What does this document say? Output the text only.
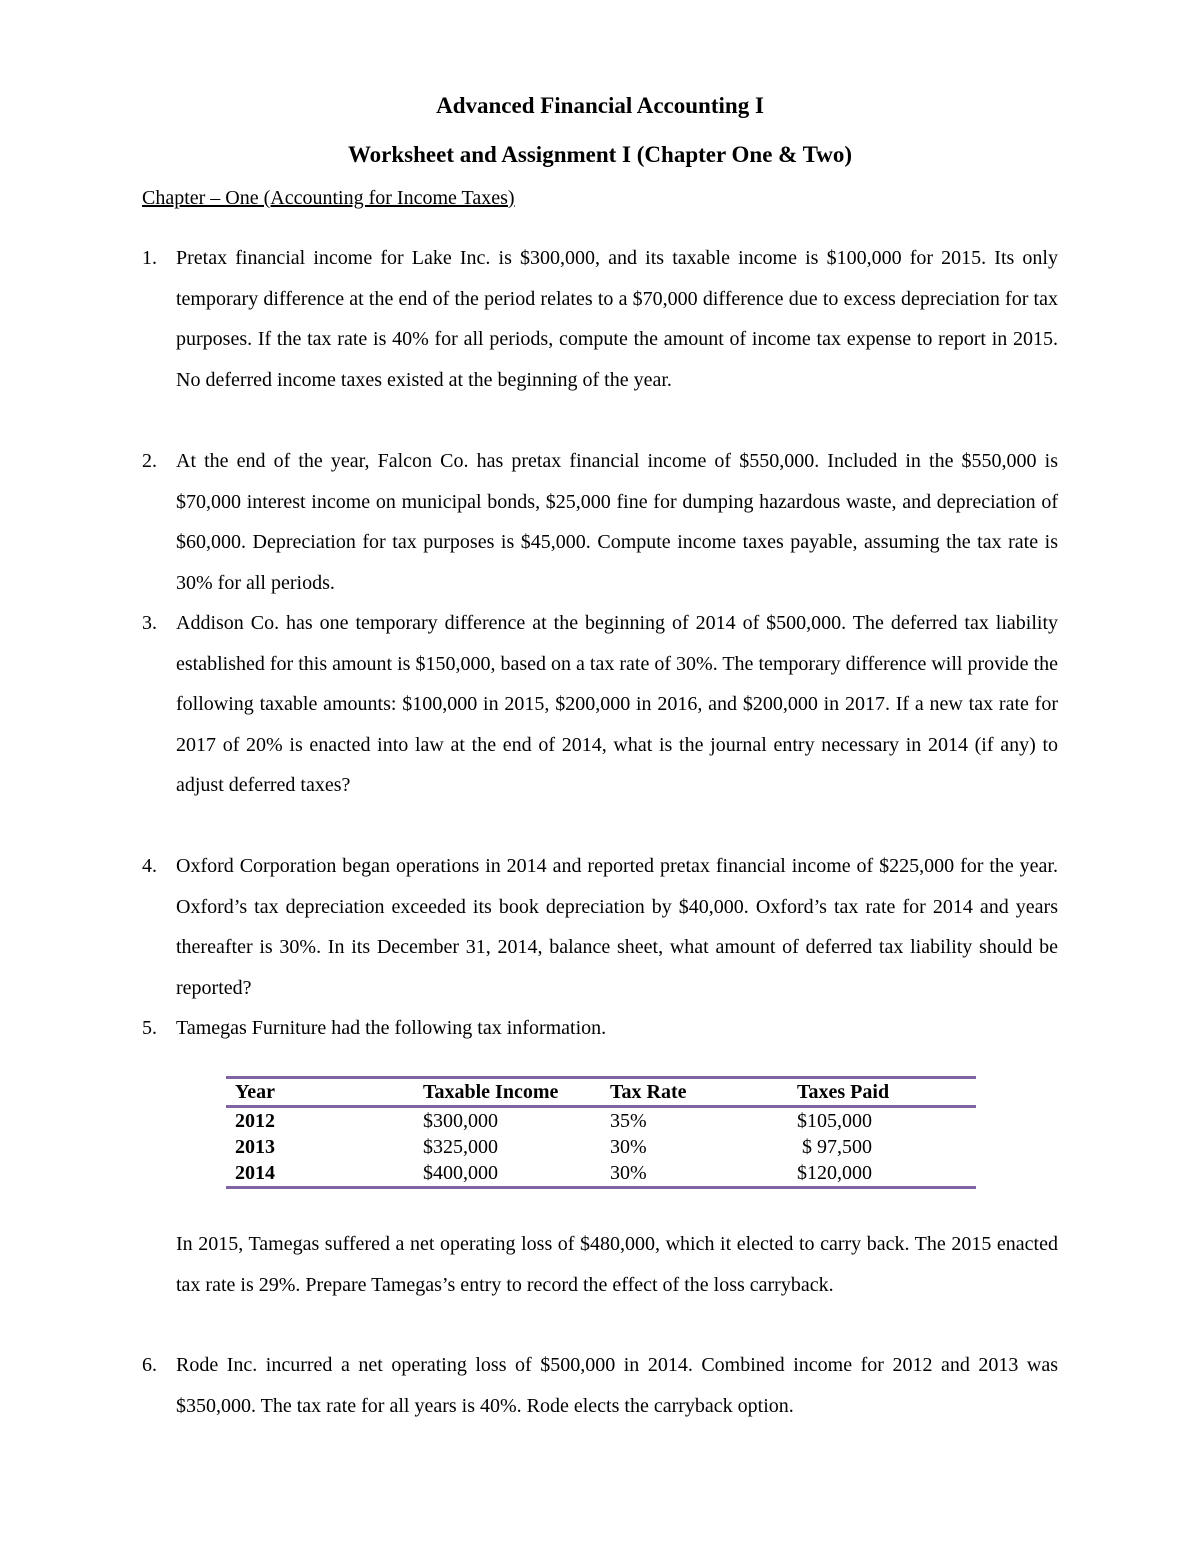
Advanced Financial Accounting I
Worksheet and Assignment I (Chapter One & Two)
Chapter – One (Accounting for Income Taxes)
1. Pretax financial income for Lake Inc. is $300,000, and its taxable income is $100,000 for 2015. Its only temporary difference at the end of the period relates to a $70,000 difference due to excess depreciation for tax purposes. If the tax rate is 40% for all periods, compute the amount of income tax expense to report in 2015. No deferred income taxes existed at the beginning of the year.
2. At the end of the year, Falcon Co. has pretax financial income of $550,000. Included in the $550,000 is $70,000 interest income on municipal bonds, $25,000 fine for dumping hazardous waste, and depreciation of $60,000. Depreciation for tax purposes is $45,000. Compute income taxes payable, assuming the tax rate is 30% for all periods.
3. Addison Co. has one temporary difference at the beginning of 2014 of $500,000. The deferred tax liability established for this amount is $150,000, based on a tax rate of 30%. The temporary difference will provide the following taxable amounts: $100,000 in 2015, $200,000 in 2016, and $200,000 in 2017. If a new tax rate for 2017 of 20% is enacted into law at the end of 2014, what is the journal entry necessary in 2014 (if any) to adjust deferred taxes?
4. Oxford Corporation began operations in 2014 and reported pretax financial income of $225,000 for the year. Oxford’s tax depreciation exceeded its book depreciation by $40,000. Oxford’s tax rate for 2014 and years thereafter is 30%. In its December 31, 2014, balance sheet, what amount of deferred tax liability should be reported?
5. Tamegas Furniture had the following tax information.
Year	Taxable Income	Tax Rate	Taxes Paid
2012	$300,000	35%	$105,000
2013	$325,000	30%	$ 97,500
2014	$400,000	30%	$120,000
In 2015, Tamegas suffered a net operating loss of $480,000, which it elected to carry back. The 2015 enacted tax rate is 29%. Prepare Tamegas’s entry to record the effect of the loss carryback.
6. Rode Inc. incurred a net operating loss of $500,000 in 2014. Combined income for 2012 and 2013 was $350,000. The tax rate for all years is 40%. Rode elects the carryback option.
